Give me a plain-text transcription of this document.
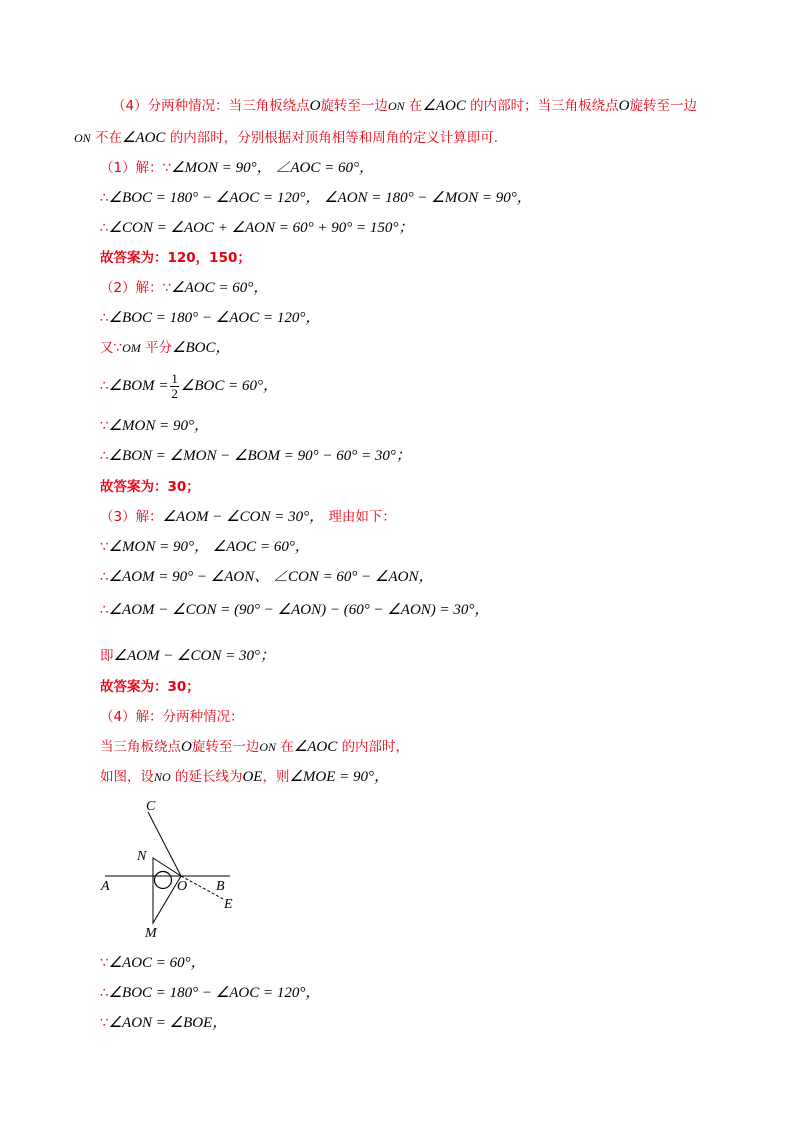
（4）分两种情况：当三角板绕点O旋转至一边ON 在∠AOC 的内部时；当三角板绕点O旋转至一边
ON 不在∠AOC 的内部时，分别根据对顶角相等和周角的定义计算即可.
（1）解：∵∠MON = 90°， ∠AOC = 60°，
∴∠BOC = 180° − ∠AOC = 120°， ∠AON = 180° − ∠MON = 90°，
∴∠CON = ∠AOC + ∠AON = 60° + 90° = 150°；
故答案为：120，150；
（2）解：∵∠AOC = 60°，
∴∠BOC = 180° − ∠AOC = 120°，
又∵OM 平分∠BOC，
∴∠BOM = $\frac{1}{2}$ ∠BOC = 60°，
∵∠MON = 90°，
∴∠BON = ∠MON − ∠BOM = 90° − 60° = 30°；
故答案为：30；
（3）解：∠AOM − ∠CON = 30°， 理由如下：
∵∠MON = 90°， ∠AOC = 60°，
∴∠AOM = 90° − ∠AON、 ∠CON = 60° − ∠AON，
∴∠AOM − ∠CON = (90° − ∠AON) − (60° − ∠AON) = 30°，
即∠AOM − ∠CON = 30°；
故答案为：30；
（4）解：分两种情况：
当三角板绕点O旋转至一边ON 在∠AOC 的内部时，
如图，设NO 的延长线为OE，则∠MOE = 90°，
C
N
A	O B
E
M
∵∠AOC = 60°，
∴∠BOC = 180° − ∠AOC = 120°，
∵∠AON = ∠BOE，
